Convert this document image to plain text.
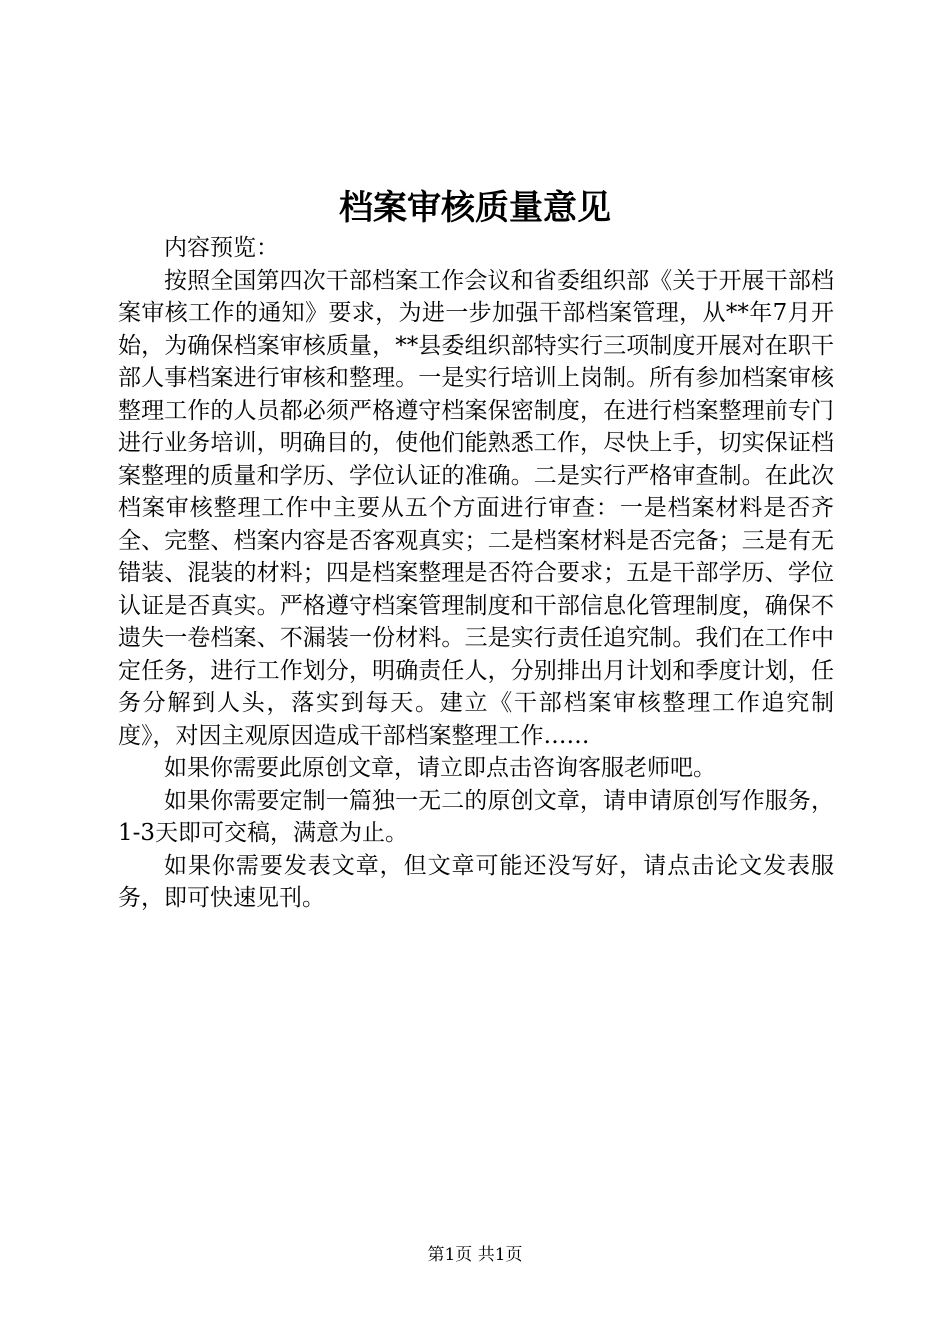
档案审核质量意见

内容预览：

按照全国第四次干部档案工作会议和省委组织部《关于开展干部档案审核工作的通知》要求，为进一步加强干部档案管理，从**年7月开始，为确保档案审核质量，**县委组织部特实行三项制度开展对在职干部人事档案进行审核和整理。一是实行培训上岗制。所有参加档案审核整理工作的人员都必须严格遵守档案保密制度，在进行档案整理前专门进行业务培训，明确目的，使他们能熟悉工作，尽快上手，切实保证档案整理的质量和学历、学位认证的准确。二是实行严格审查制。在此次档案审核整理工作中主要从五个方面进行审查：一是档案材料是否齐全、完整、档案内容是否客观真实；二是档案材料是否完备；三是有无错装、混装的材料；四是档案整理是否符合要求；五是干部学历、学位认证是否真实。严格遵守档案管理制度和干部信息化管理制度，确保不遗失一卷档案、不漏装一份材料。三是实行责任追究制。我们在工作中定任务，进行工作划分，明确责任人，分别排出月计划和季度计划，任务分解到人头，落实到每天。建立《干部档案审核整理工作追究制度》，对因主观原因造成干部档案整理工作……

如果你需要此原创文章，请立即点击咨询客服老师吧。

如果你需要定制一篇独一无二的原创文章，请申请原创写作服务，1-3天即可交稿，满意为止。

如果你需要发表文章，但文章可能还没写好，请点击论文发表服务，即可快速见刊。

第1页 共1页
